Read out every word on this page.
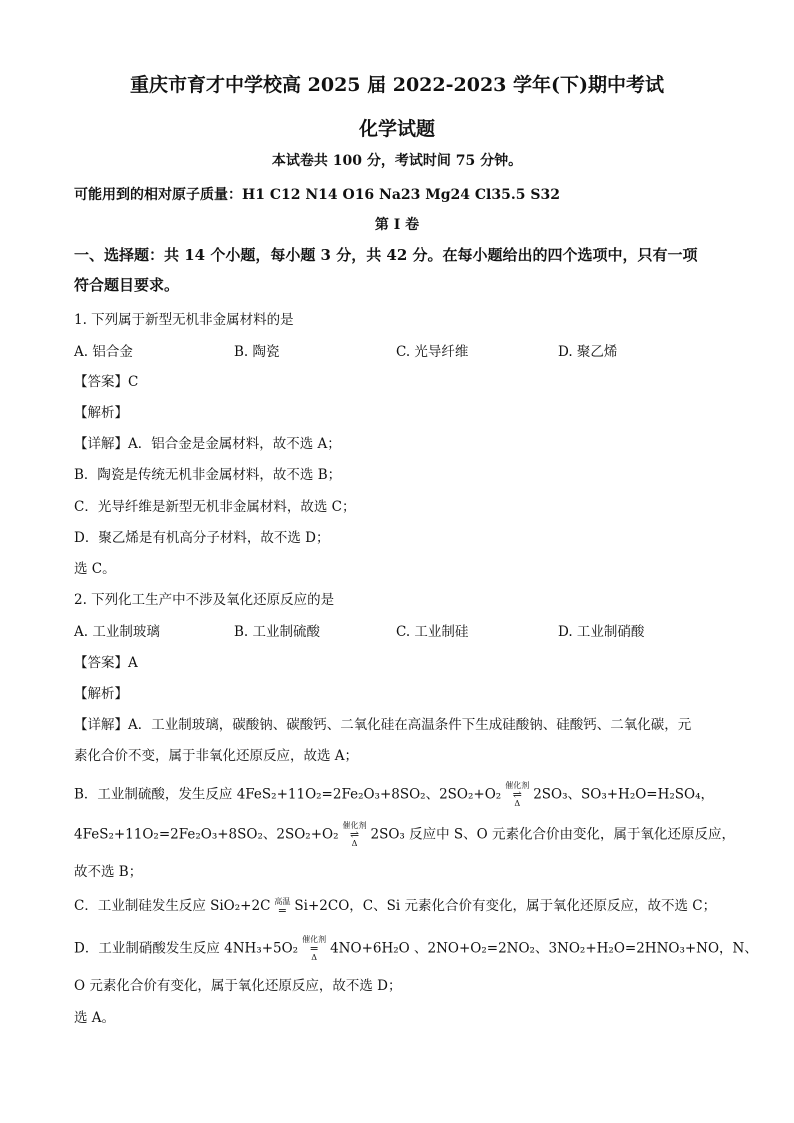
重庆市育才中学校高 2025 届 2022-2023 学年(下)期中考试
化学试题
本试卷共 100 分，考试时间 75 分钟。
可能用到的相对原子质量：H1 C12 N14 O16 Na23 Mg24 Cl35.5 S32
第 I 卷
一、选择题：共 14 个小题，每小题 3 分，共 42 分。在每小题给出的四个选项中，只有一项
符合题目要求。
1. 下列属于新型无机非金属材料的是
A. 铝合金	B. 陶瓷	C. 光导纤维	D. 聚乙烯
【答案】C
【解析】
【详解】A．铝合金是金属材料，故不选 A；
B．陶瓷是传统无机非金属材料，故不选 B；
C．光导纤维是新型无机非金属材料，故选 C；
D．聚乙烯是有机高分子材料，故不选 D；
选 C。
2. 下列化工生产中不涉及氧化还原反应的是
A. 工业制玻璃	B. 工业制硫酸	C. 工业制硅	D. 工业制硝酸
【答案】A
【解析】
【详解】A．工业制玻璃，碳酸钠、碳酸钙、二氧化硅在高温条件下生成硅酸钠、硅酸钙、二氧化碳，元
素化合价不变，属于非氧化还原反应，故选 A；
B．工业制硫酸，发生反应 4FeS₂+11O₂=2Fe₂O₃+8SO₂、2SO₂+O₂
催化剂
⇌
Δ
2SO₃、SO₃+H₂O=H₂SO₄，
4FeS₂+11O₂=2Fe₂O₃+8SO₂、2SO₂+O₂
催化剂
⇌
Δ
2SO₃ 反应中 S、O 元素化合价由变化，属于氧化还原反应，
故不选 B；
C．工业制硅发生反应 SiO₂+2C 高温
= Si+2CO，C、Si 元素化合价有变化，属于氧化还原反应，故不选 C；
D．工业制硝酸发生反应 4NH₃+5O₂
催化剂
=
Δ
4NO+6H₂O 、2NO+O₂=2NO₂、3NO₂+H₂O=2HNO₃+NO，N、
O 元素化合价有变化，属于氧化还原反应，故不选 D；
选 A。
